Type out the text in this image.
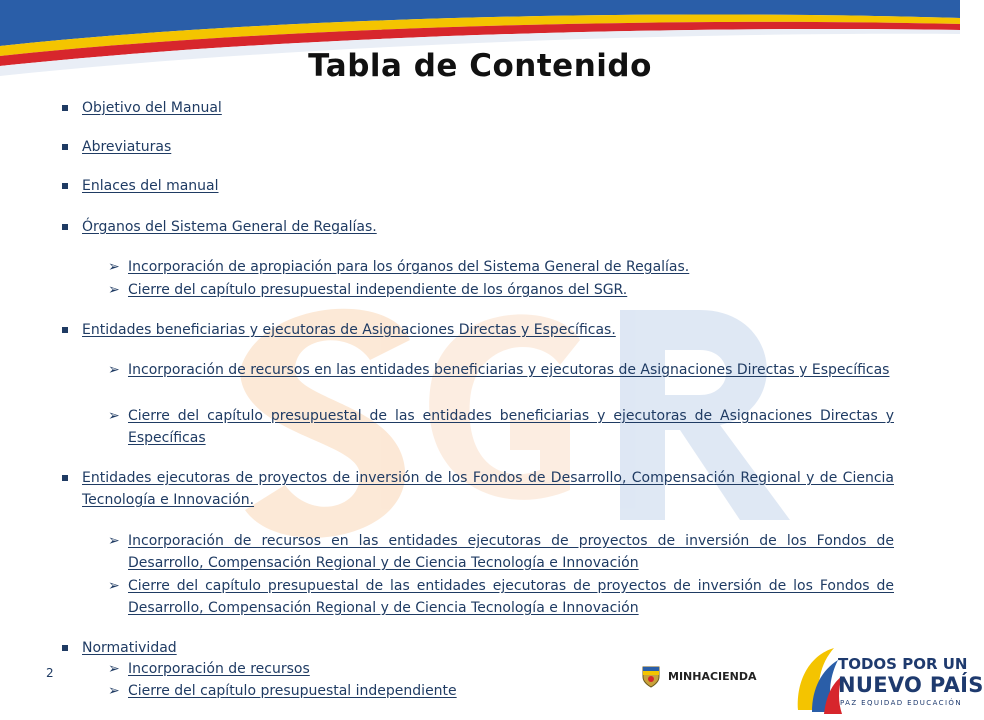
Tabla de Contenido
Objetivo del Manual
Abreviaturas
Enlaces del manual
Órganos del Sistema General de Regalías.
➢ Incorporación de apropiación para los órganos del Sistema General de Regalías.
➢ Cierre del capítulo presupuestal independiente de los órganos del SGR.
Entidades beneficiarias y ejecutoras de Asignaciones Directas y Específicas.
➢ Incorporación de recursos en las entidades beneficiarias y ejecutoras de Asignaciones Directas y Específicas
➢ Cierre del capítulo presupuestal de las entidades beneficiarias y ejecutoras de Asignaciones Directas y Específicas
Entidades ejecutoras de proyectos de inversión de los Fondos de Desarrollo, Compensación Regional y de Ciencia Tecnología e Innovación.
➢ Incorporación de recursos en las entidades ejecutoras de proyectos de inversión de los Fondos de Desarrollo, Compensación Regional y de Ciencia Tecnología e Innovación
➢ Cierre del capítulo presupuestal de las entidades ejecutoras de proyectos de inversión de los Fondos de Desarrollo, Compensación Regional y de Ciencia Tecnología e Innovación
Normatividad
➢ Incorporación de recursos
➢ Cierre del capítulo presupuestal independiente
2	MINHACIENDA
TODOS POR UN
NUEVO PAÍS
PAZ EQUIDAD EDUCACIÓN
